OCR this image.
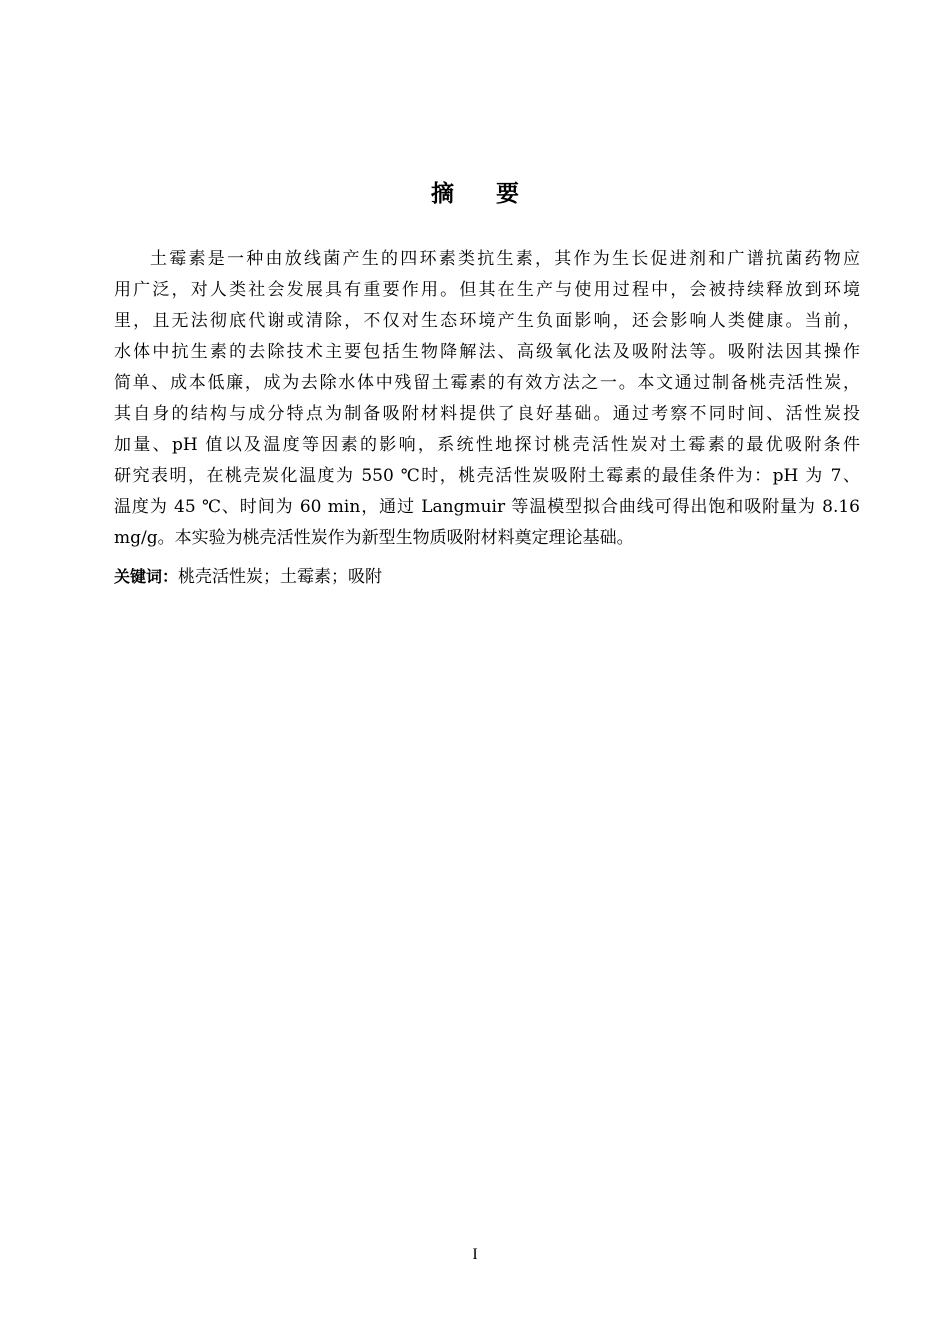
摘 要
土霉素是一种由放线菌产生的四环素类抗生素，其作为生长促进剂和广谱抗菌药物应
用广泛，对人类社会发展具有重要作用。但其在生产与使用过程中，会被持续释放到环境
里，且无法彻底代谢或清除，不仅对生态环境产生负面影响，还会影响人类健康。当前，
水体中抗生素的去除技术主要包括生物降解法、高级氧化法及吸附法等。吸附法因其操作
简单、成本低廉，成为去除水体中残留土霉素的有效方法之一。本文通过制备桃壳活性炭，
其自身的结构与成分特点为制备吸附材料提供了良好基础。通过考察不同时间、活性炭投
加量、pH 值以及温度等因素的影响，系统性地探讨桃壳活性炭对土霉素的最优吸附条件
研究表明，在桃壳炭化温度为 550 ℃时，桃壳活性炭吸附土霉素的最佳条件为：pH 为 7、
温度为 45 ℃、时间为 60 min，通过 Langmuir 等温模型拟合曲线可得出饱和吸附量为 8.16
mg/g。本实验为桃壳活性炭作为新型生物质吸附材料奠定理论基础。
关键词：桃壳活性炭；土霉素；吸附
I
